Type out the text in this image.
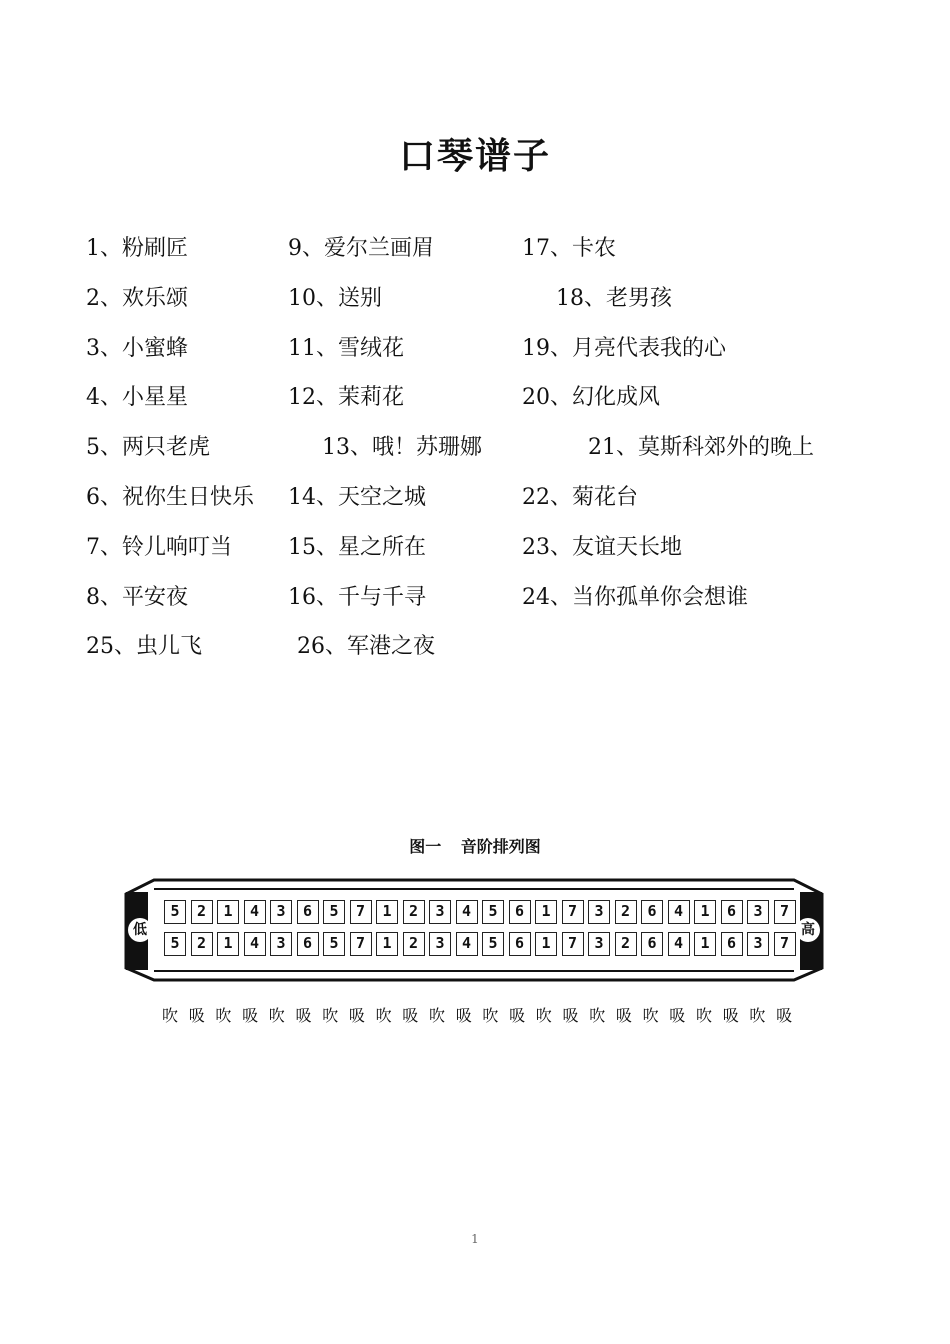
口琴谱子
1、粉刷匠	9、爱尔兰画眉	17、卡农
2、欢乐颂	10、送别	18、老男孩
3、小蜜蜂	11、雪绒花	19、月亮代表我的心
4、小星星	12、茉莉花	20、幻化成风
5、两只老虎	13、哦！苏珊娜	21、莫斯科郊外的晚上
6、祝你生日快乐 14、天空之城	22、菊花台
7、铃儿响叮当	15、星之所在	23、友谊天长地
8、平安夜	16、千与千寻	24、当你孤单你会想谁
25、虫儿飞	26、军港之夜
图一 音阶排列图
5	2	1	4	3	6	5	7	1	2	3	4	5	6	1	7	3	2	6	4	1	6	3	7
5	2	1	4	3	6	5	7	1	2	3	4	5	6	1	7	3	2	6	4	1	6	3	7
低	高
吹 吸 吹 吸 吹 吸 吹 吸 吹 吸 吹 吸 吹 吸 吹 吸 吹 吸 吹 吸 吹 吸 吹 吸
1
